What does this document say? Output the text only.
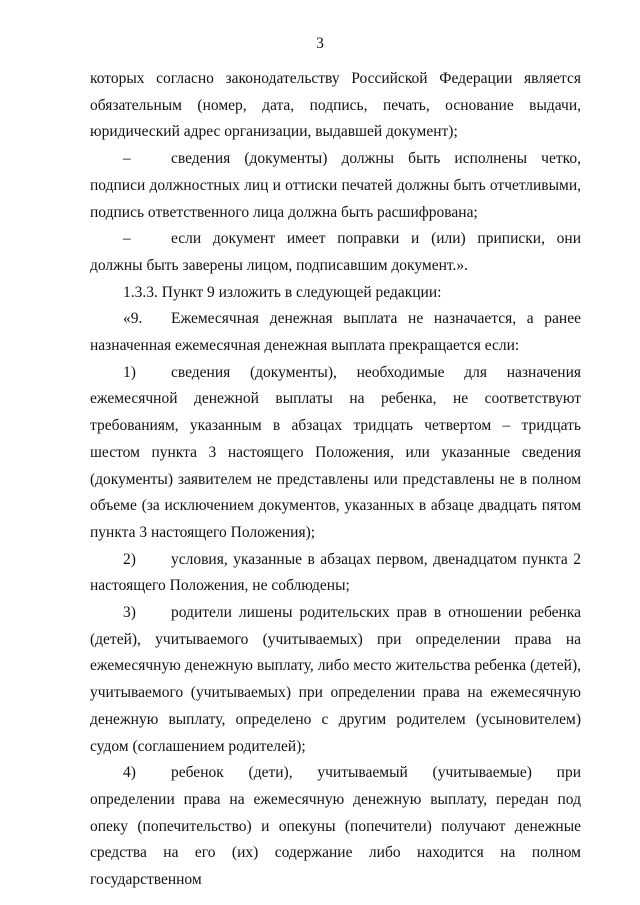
3

которых согласно законодательству Российской Федерации является обязательным (номер, дата, подпись, печать, основание выдачи, юридический адрес организации, выдавшей документ);

–	сведения (документы) должны быть исполнены четко, подписи должностных лиц и оттиски печатей должны быть отчетливыми, подпись ответственного лица должна быть расшифрована;

–	если документ имеет поправки и (или) приписки, они должны быть заверены лицом, подписавшим документ.».

1.3.3. Пункт 9 изложить в следующей редакции:

«9. Ежемесячная денежная выплата не назначается, а ранее назначенная ежемесячная денежная выплата прекращается если:

1) сведения (документы), необходимые для назначения ежемесячной денежной выплаты на ребенка, не соответствуют требованиям, указанным в абзацах тридцать четвертом – тридцать шестом пункта 3 настоящего Положения, или указанные сведения (документы) заявителем не представлены или представлены не в полном объеме (за исключением документов, указанных в абзаце двадцать пятом пункта 3 настоящего Положения);

2) условия, указанные в абзацах первом, двенадцатом пункта 2 настоящего Положения, не соблюдены;

3) родители лишены родительских прав в отношении ребенка (детей), учитываемого (учитываемых) при определении права на ежемесячную денежную выплату, либо место жительства ребенка (детей), учитываемого (учитываемых) при определении права на ежемесячную денежную выплату, определено с другим родителем (усыновителем) судом (соглашением родителей);

4) ребенок (дети), учитываемый (учитываемые) при определении права на ежемесячную денежную выплату, передан под опеку (попечительство) и опекуны (попечители) получают денежные средства на его (их) содержание либо находится на полном государственном
